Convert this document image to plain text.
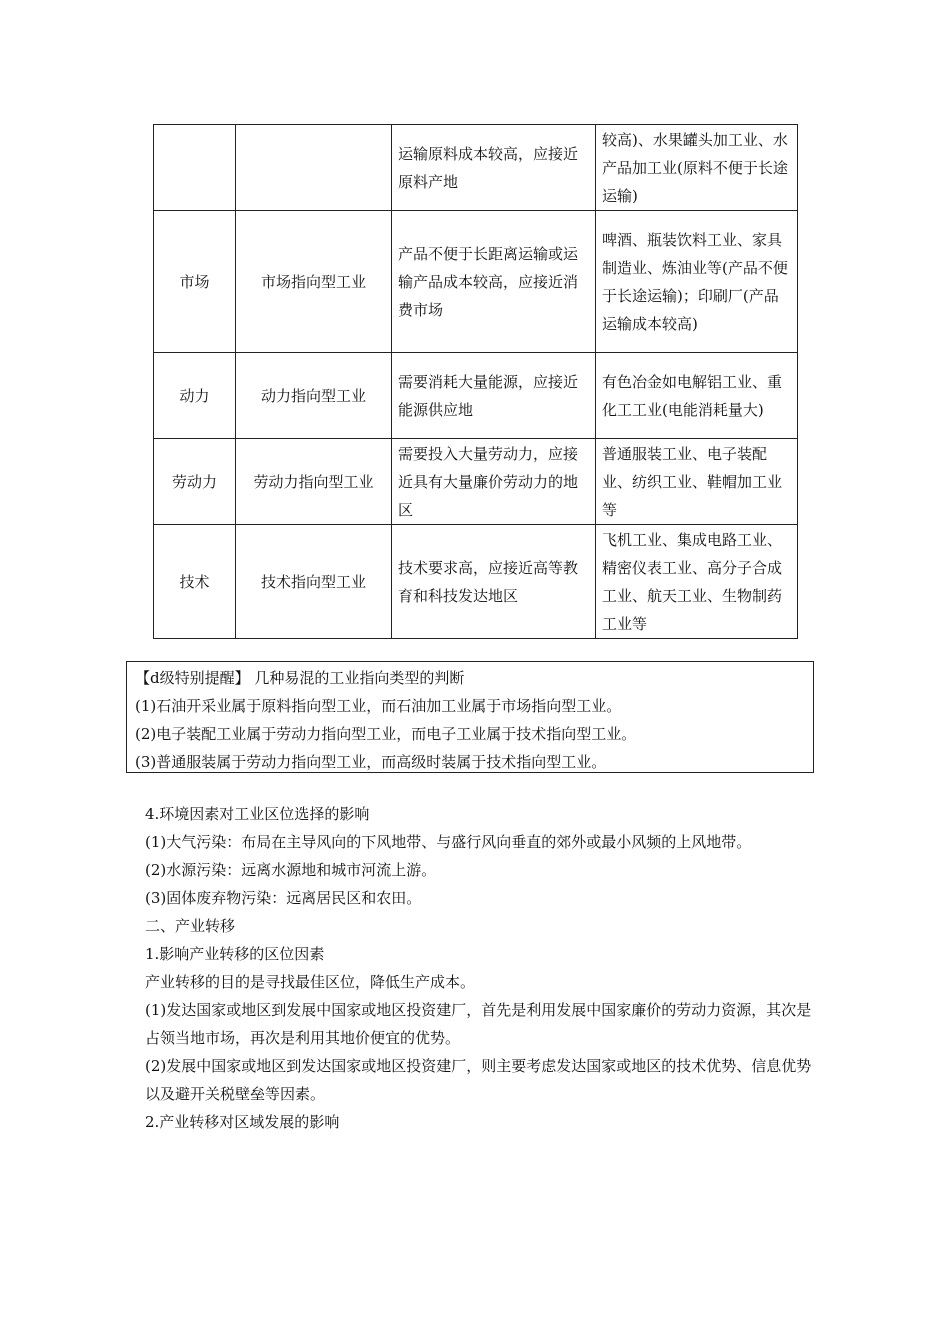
		运输原料成本较高，应接近原料产地	较高)、水果罐头加工业、水产品加工业(原料不便于长途运输)
市场	市场指向型工业	产品不便于长距离运输或运输产品成本较高，应接近消费市场	啤酒、瓶装饮料工业、家具制造业、炼油业等(产品不便于长途运输)；印刷厂(产品运输成本较高)
动力	动力指向型工业	需要消耗大量能源，应接近能源供应地	有色冶金如电解铝工业、重化工工业(电能消耗量大)
劳动力	劳动力指向型工业	需要投入大量劳动力，应接近具有大量廉价劳动力的地区	普通服装工业、电子装配业、纺织工业、鞋帽加工业等
技术	技术指向型工业	技术要求高，应接近高等教育和科技发达地区	飞机工业、集成电路工业、精密仪表工业、高分子合成工业、航天工业、生物制药工业等
【d级特别提醒】 几种易混的工业指向类型的判断
(1)石油开采业属于原料指向型工业，而石油加工业属于市场指向型工业。
(2)电子装配工业属于劳动力指向型工业，而电子工业属于技术指向型工业。
(3)普通服装属于劳动力指向型工业，而高级时装属于技术指向型工业。

4.环境因素对工业区位选择的影响

(1)大气污染：布局在主导风向的下风地带、与盛行风向垂直的郊外或最小风频的上风地带。

(2)水源污染：远离水源地和城市河流上游。

(3)固体废弃物污染：远离居民区和农田。

二、产业转移

1.影响产业转移的区位因素

产业转移的目的是寻找最佳区位，降低生产成本。

(1)发达国家或地区到发展中国家或地区投资建厂，首先是利用发展中国家廉价的劳动力资源，其次是占领当地市场，再次是利用其地价便宜的优势。

(2)发展中国家或地区到发达国家或地区投资建厂，则主要考虑发达国家或地区的技术优势、信息优势以及避开关税壁垒等因素。

2.产业转移对区域发展的影响
